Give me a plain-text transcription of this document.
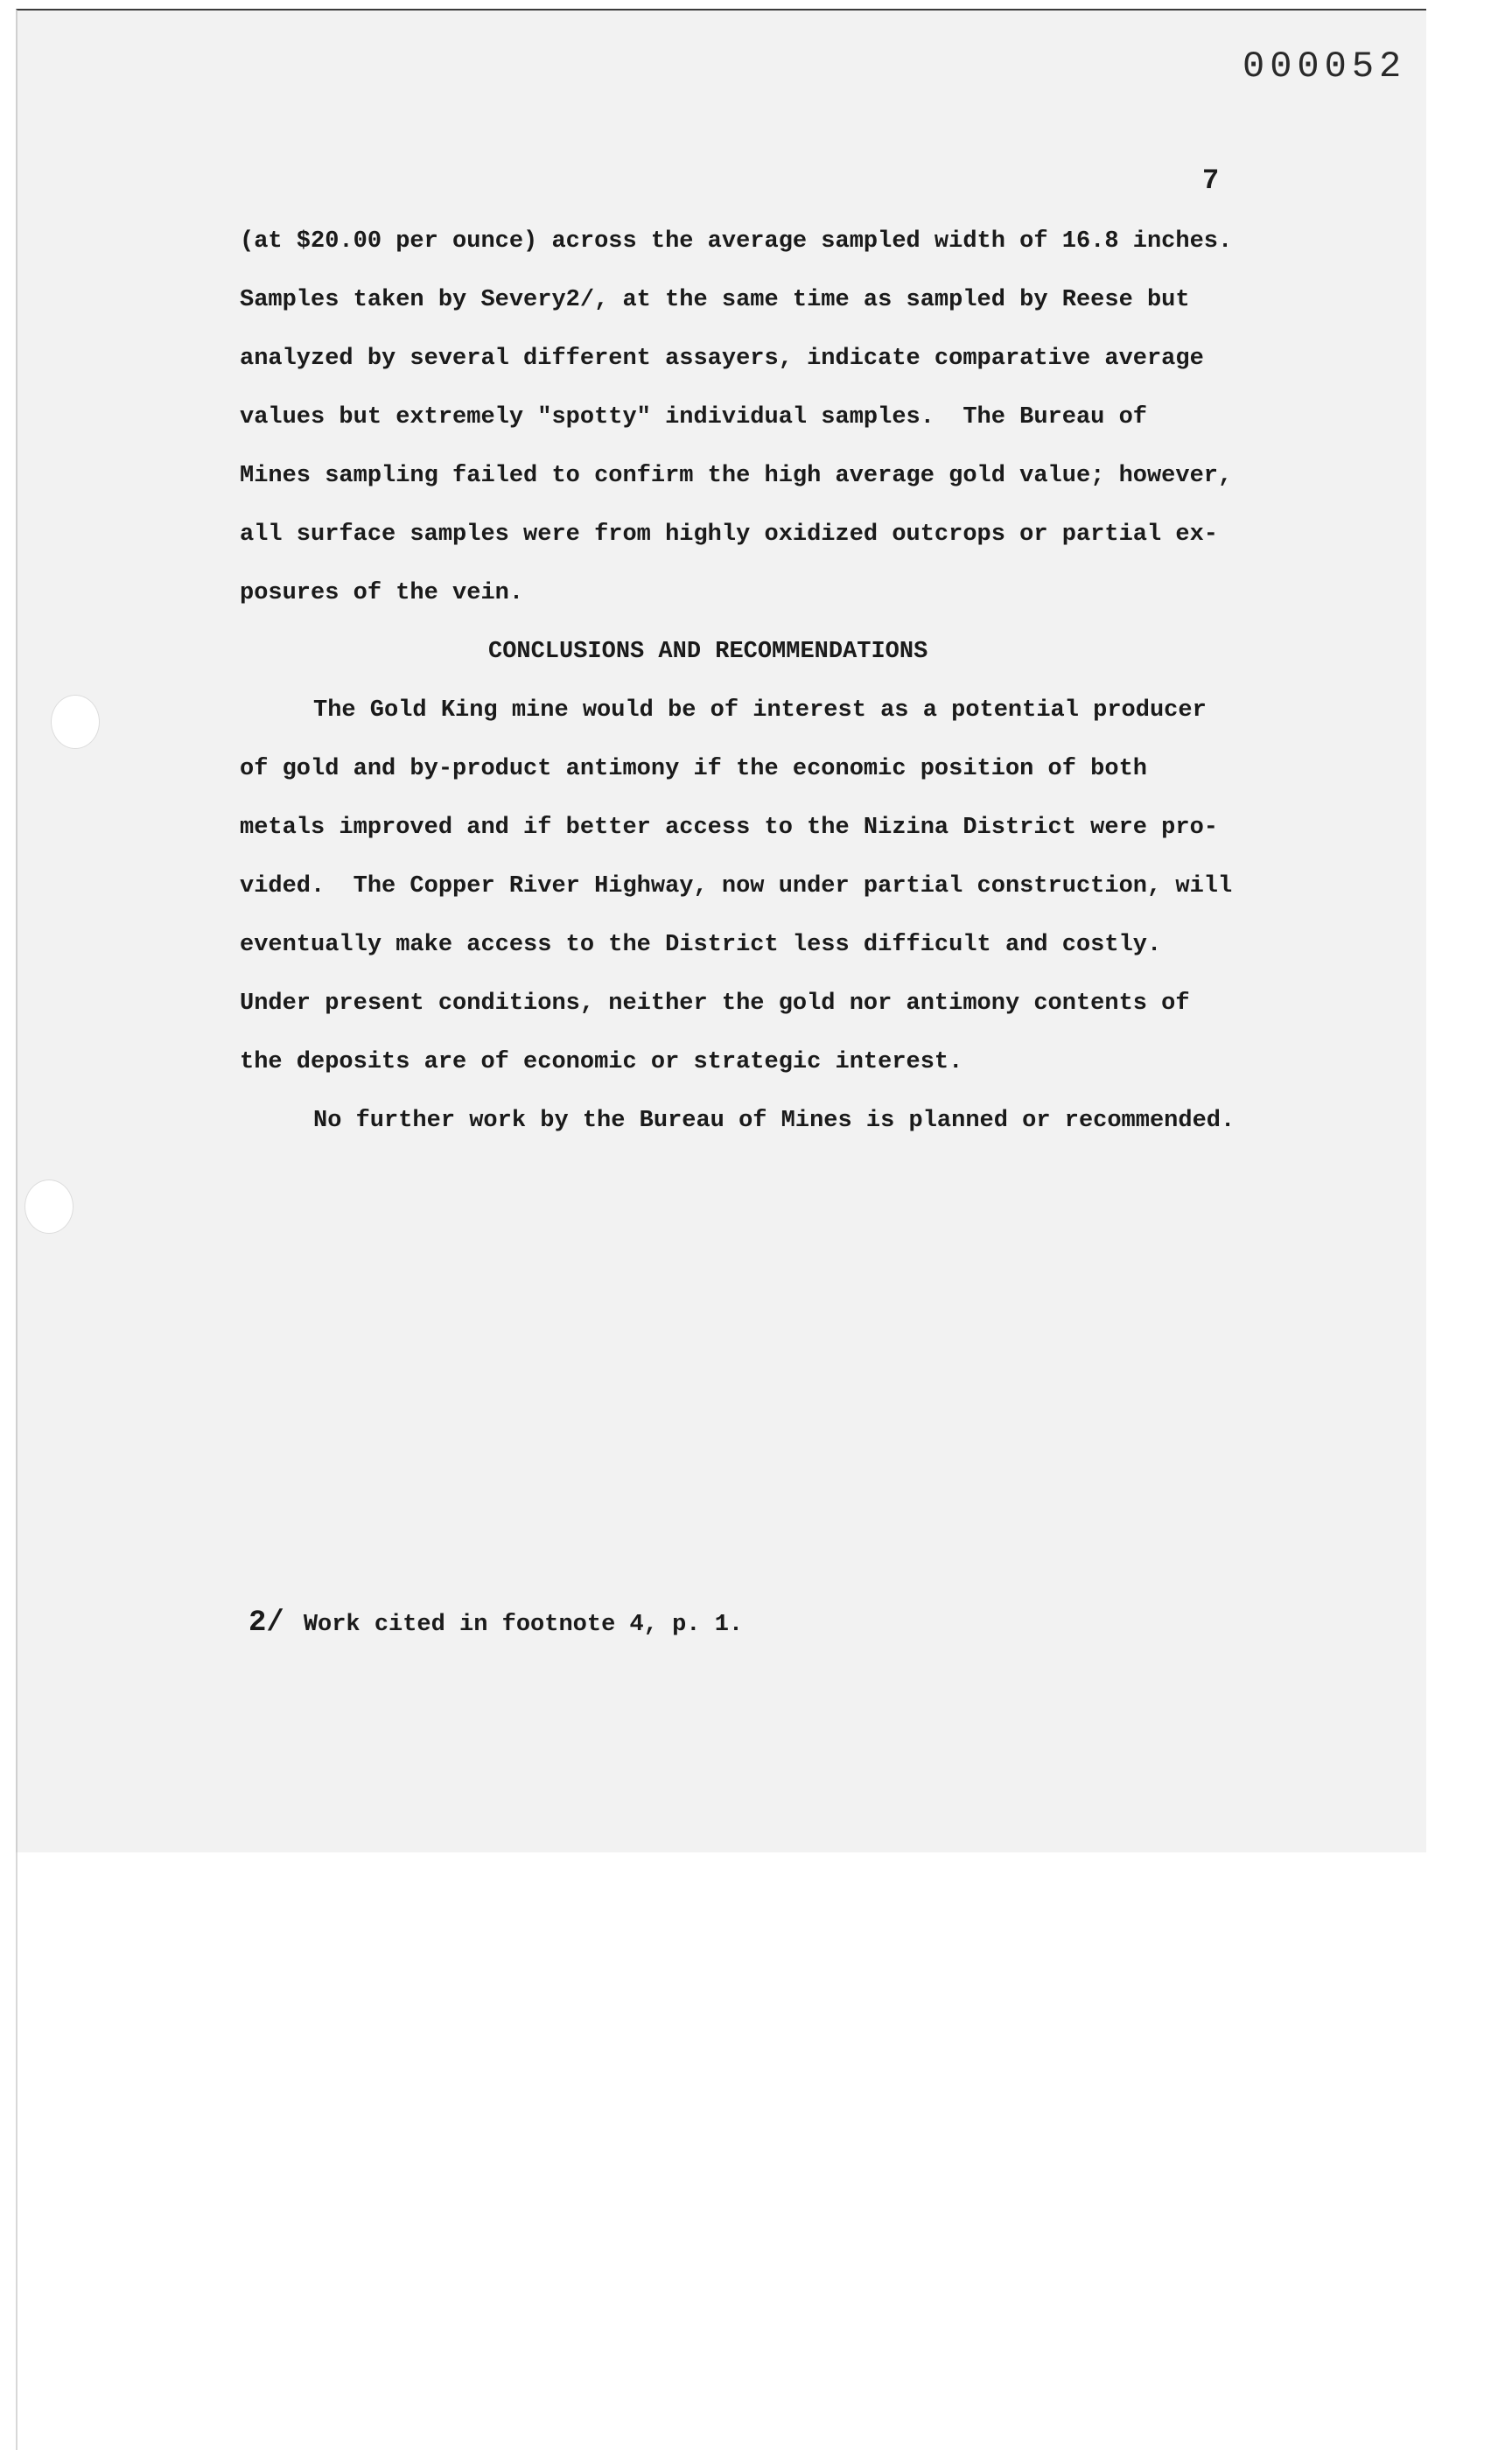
000052
7
(at $20.00 per ounce) across the average sampled width of 16.8 inches.
Samples taken by Severy2/, at the same time as sampled by Reese but
analyzed by several different assayers, indicate comparative average
values but extremely "spotty" individual samples.  The Bureau of
Mines sampling failed to confirm the high average gold value; however,
all surface samples were from highly oxidized outcrops or partial ex-
posures of the vein.
CONCLUSIONS AND RECOMMENDATIONS
The Gold King mine would be of interest as a potential producer
of gold and by-product antimony if the economic position of both
metals improved and if better access to the Nizina District were pro-
vided.  The Copper River Highway, now under partial construction, will
eventually make access to the District less difficult and costly.
Under present conditions, neither the gold nor antimony contents of
the deposits are of economic or strategic interest.
No further work by the Bureau of Mines is planned or recommended.
2/ Work cited in footnote 4, p. 1.
